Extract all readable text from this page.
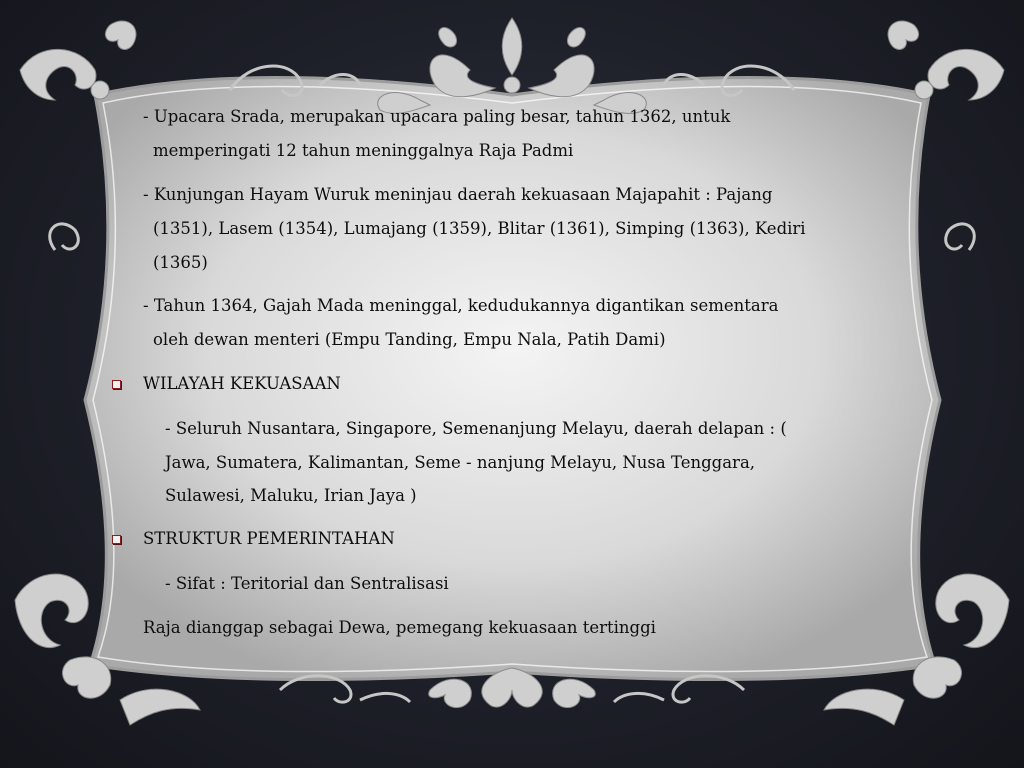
- Upacara Srada, merupakan upacara paling besar, tahun 1362, untuk
memperingati 12 tahun meninggalnya Raja Padmi
- Kunjungan Hayam Wuruk meninjau daerah kekuasaan Majapahit : Pajang
(1351), Lasem (1354), Lumajang (1359), Blitar (1361), Simping (1363), Kediri
(1365)
- Tahun 1364, Gajah Mada meninggal, kedudukannya digantikan sementara
oleh dewan menteri (Empu Tanding, Empu Nala, Patih Dami)
WILAYAH KEKUASAAN
- Seluruh Nusantara, Singapore, Semenanjung Melayu, daerah delapan : (
Jawa, Sumatera, Kalimantan, Seme - nanjung Melayu, Nusa Tenggara,
Sulawesi, Maluku, Irian Jaya )
STRUKTUR PEMERINTAHAN
- Sifat : Teritorial dan Sentralisasi
Raja dianggap sebagai Dewa, pemegang kekuasaan tertinggi
